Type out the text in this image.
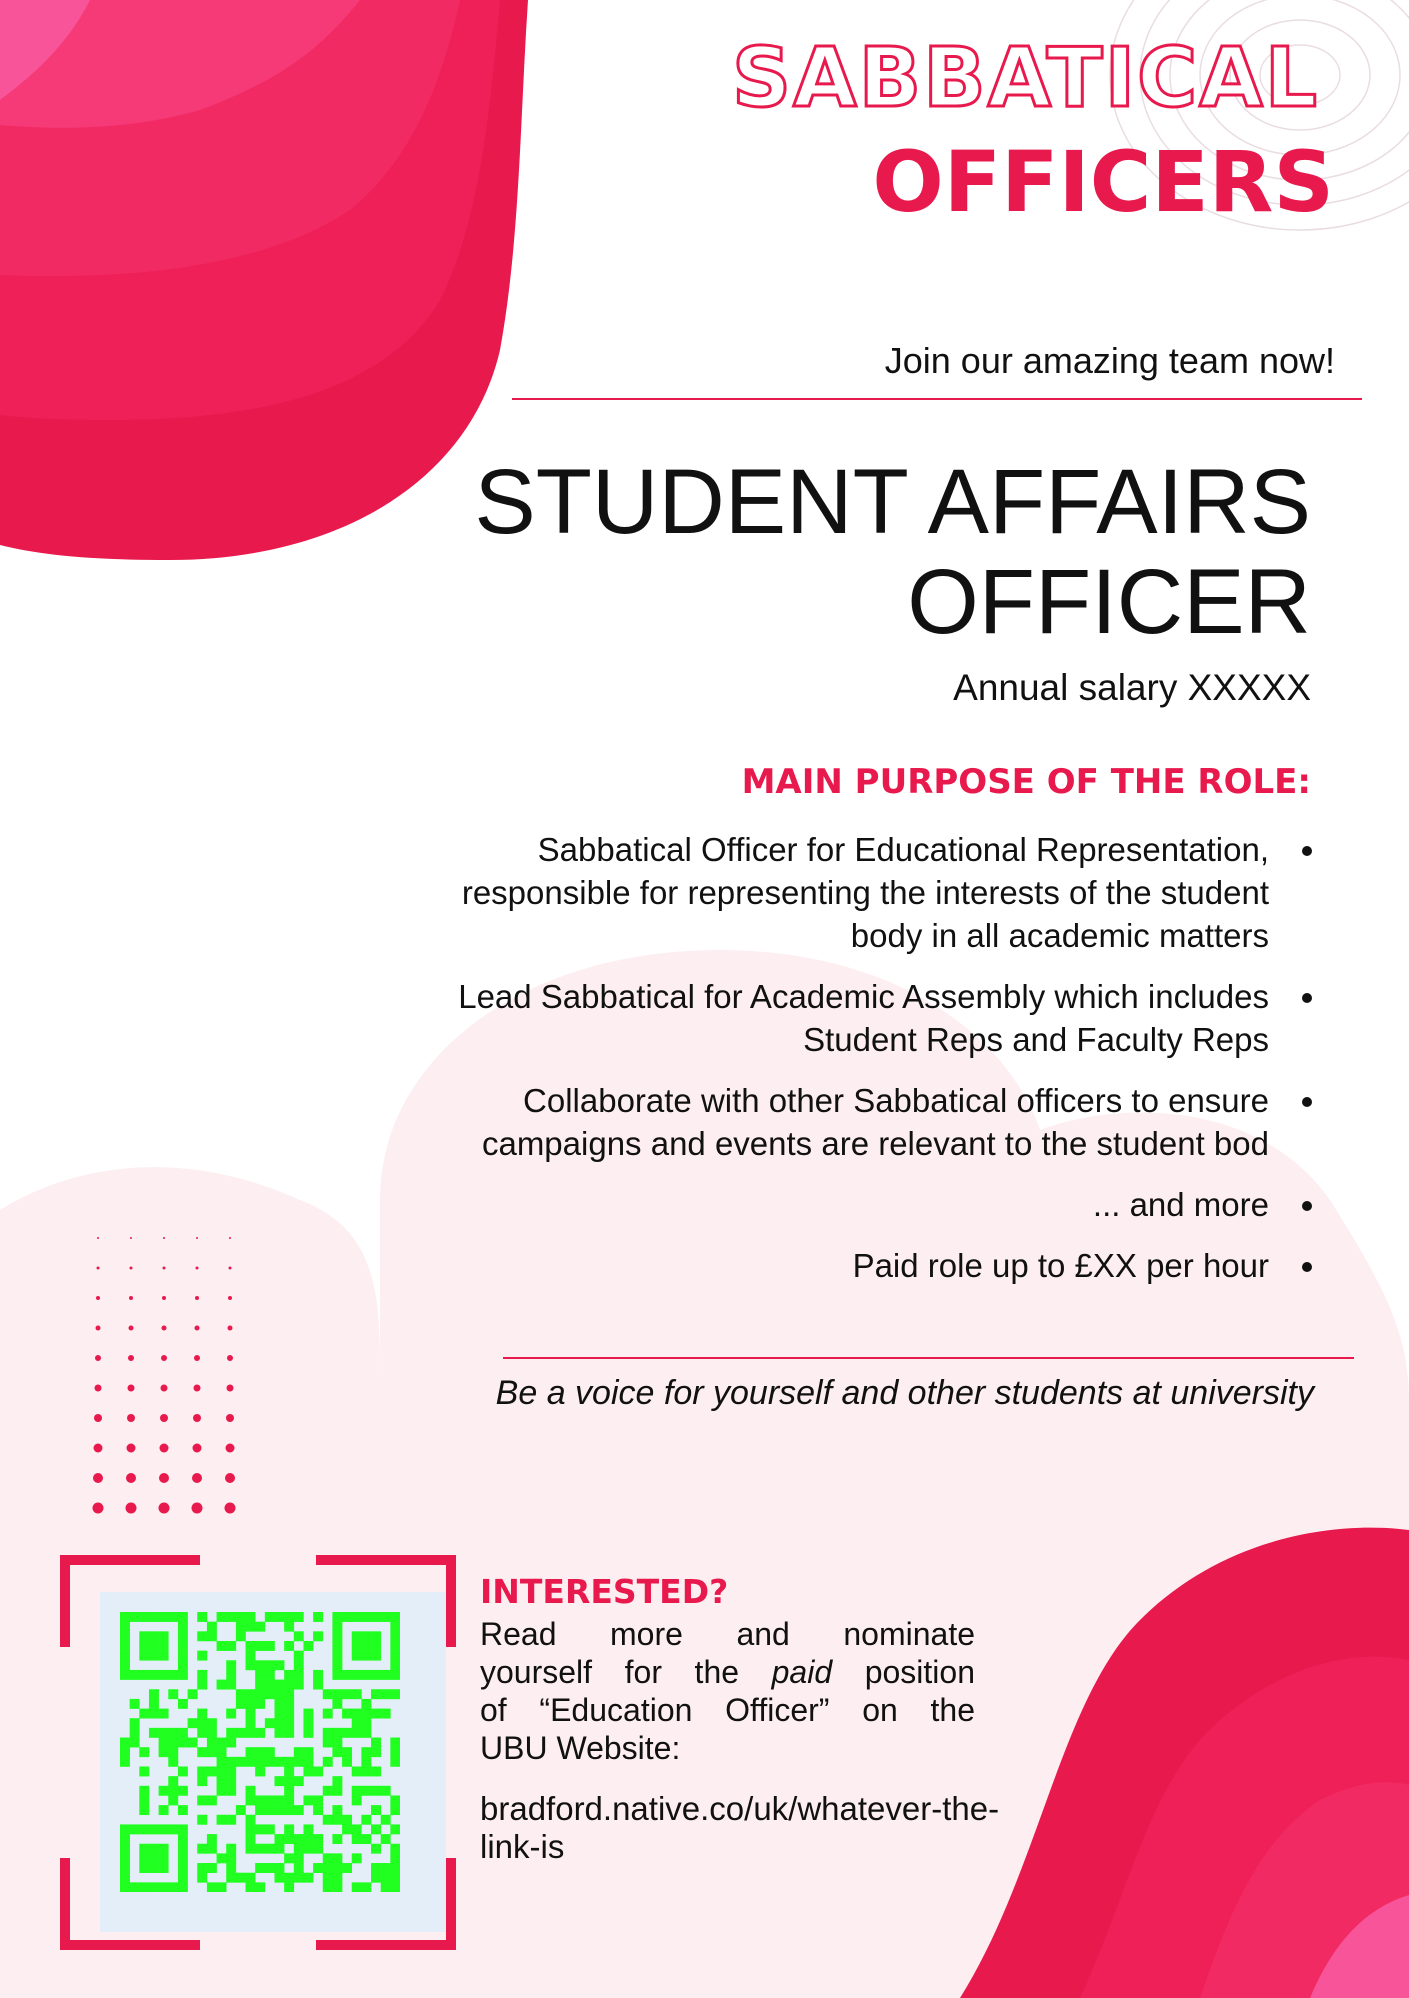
SABBATICAL
OFFICERS
Join our amazing team now!
STUDENT AFFAIRS
OFFICER
Annual salary XXXXX
MAIN PURPOSE OF THE ROLE:
Sabbatical Officer for Educational Representation,
responsible for representing the interests of the student
body in all academic matters
Lead Sabbatical for Academic Assembly which includes
Student Reps and Faculty Reps
Collaborate with other Sabbatical officers to ensure
campaigns and events are relevant to the student bod
... and more
Paid role up to £XX per hour
Be a voice for yourself and other students at university
INTERESTED?
Read more and nominate
yourself for the paid position
of “Education Officer” on the
UBU Website:
bradford.native.co/uk/whatever-the-link-is
